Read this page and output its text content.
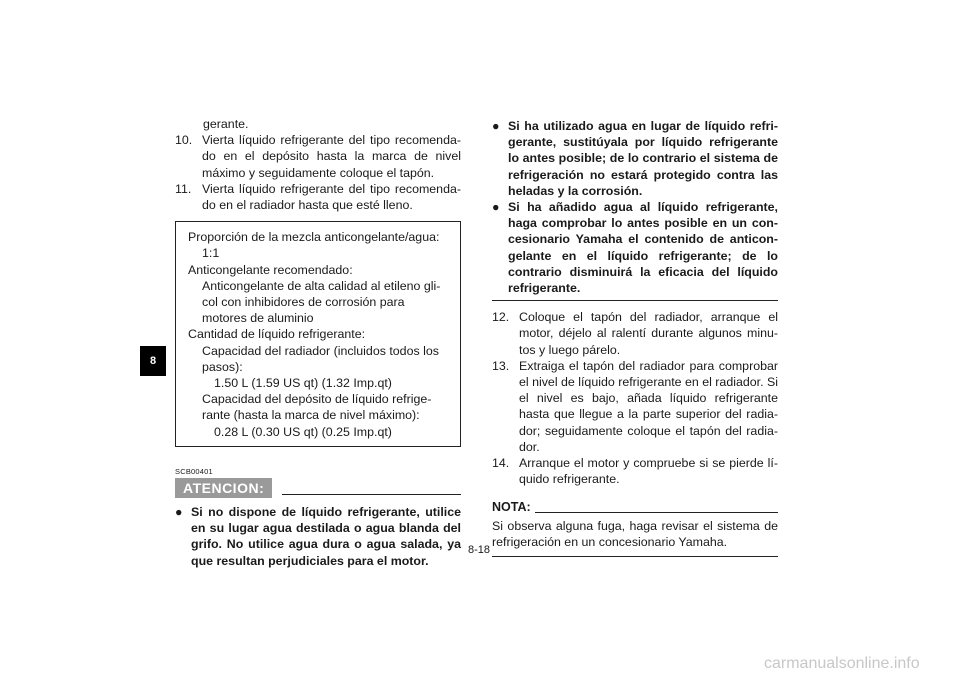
8

gerante.

10. Vierta líquido refrigerante del tipo recomenda-do en el depósito hasta la marca de nivel máximo y seguidamente coloque el tapón.

11. Vierta líquido refrigerante del tipo recomenda-do en el radiador hasta que esté lleno.

Proporción de la mezcla anticongelante/agua:
1:1
Anticongelante recomendado:
Anticongelante de alta calidad al etileno gli-col con inhibidores de corrosión para motores de aluminio
Cantidad de líquido refrigerante:
Capacidad del radiador (incluidos todos los pasos):
1.50 L (1.59 US qt) (1.32 Imp.qt)
Capacidad del depósito de líquido refrige-rante (hasta la marca de nivel máximo):
0.28 L (0.30 US qt) (0.25 Imp.qt)
SCB00401
ATENCION:
● Si no dispone de líquido refrigerante, utilice en su lugar agua destilada o agua blanda del grifo. No utilice agua dura o agua salada, ya que resultan perjudiciales para el motor.
● Si ha utilizado agua en lugar de líquido refri-gerante, sustitúyala por líquido refrigerante lo antes posible; de lo contrario el sistema de refrigeración no estará protegido contra las heladas y la corrosión.
● Si ha añadido agua al líquido refrigerante, haga comprobar lo antes posible en un con-cesionario Yamaha el contenido de anticon-gelante en el líquido refrigerante; de lo contrario disminuirá la eficacia del líquido refrigerante.

12. Coloque el tapón del radiador, arranque el motor, déjelo al ralentí durante algunos minu-tos y luego párelo.

13. Extraiga el tapón del radiador para comprobar el nivel de líquido refrigerante en el radiador. Si el nivel es bajo, añada líquido refrigerante hasta que llegue a la parte superior del radia-dor; seguidamente coloque el tapón del radia-dor.

14. Arranque el motor y compruebe si se pierde lí-quido refrigerante.

NOTA:
Si observa alguna fuga, haga revisar el sistema de refrigeración en un concesionario Yamaha.
8-18
carmanualsonline.info
